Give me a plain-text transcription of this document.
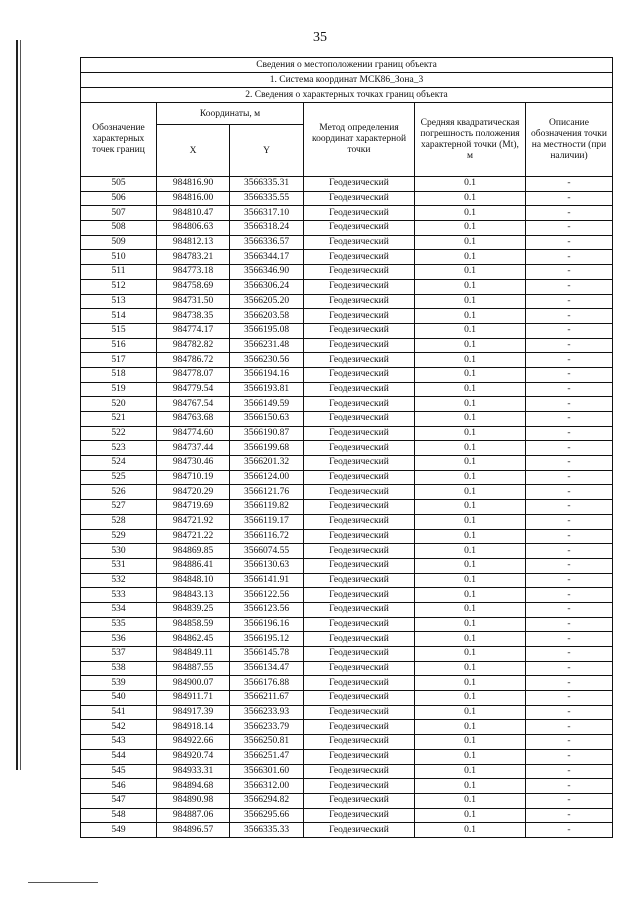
35
Сведения о местоположении границ объекта					
1. Система координат МСК86_Зона_3					
2. Сведения о характерных точках границ объекта					
Обозначение характерных точек границ	Координаты, м		Метод определения координат характерной точки	Средняя квадратическая погрешность положения характерной точки (Mt), м	Описание обозначения точки на местности (при наличии)
	X	Y			
505	984816.90	3566335.31	Геодезический	0.1	-
506	984816.00	3566335.55	Геодезический	0.1	-
507	984810.47	3566317.10	Геодезический	0.1	-
508	984806.63	3566318.24	Геодезический	0.1	-
509	984812.13	3566336.57	Геодезический	0.1	-
510	984783.21	3566344.17	Геодезический	0.1	-
511	984773.18	3566346.90	Геодезический	0.1	-
512	984758.69	3566306.24	Геодезический	0.1	-
513	984731.50	3566205.20	Геодезический	0.1	-
514	984738.35	3566203.58	Геодезический	0.1	-
515	984774.17	3566195.08	Геодезический	0.1	-
516	984782.82	3566231.48	Геодезический	0.1	-
517	984786.72	3566230.56	Геодезический	0.1	-
518	984778.07	3566194.16	Геодезический	0.1	-
519	984779.54	3566193.81	Геодезический	0.1	-
520	984767.54	3566149.59	Геодезический	0.1	-
521	984763.68	3566150.63	Геодезический	0.1	-
522	984774.60	3566190.87	Геодезический	0.1	-
523	984737.44	3566199.68	Геодезический	0.1	-
524	984730.46	3566201.32	Геодезический	0.1	-
525	984710.19	3566124.00	Геодезический	0.1	-
526	984720.29	3566121.76	Геодезический	0.1	-
527	984719.69	3566119.82	Геодезический	0.1	-
528	984721.92	3566119.17	Геодезический	0.1	-
529	984721.22	3566116.72	Геодезический	0.1	-
530	984869.85	3566074.55	Геодезический	0.1	-
531	984886.41	3566130.63	Геодезический	0.1	-
532	984848.10	3566141.91	Геодезический	0.1	-
533	984843.13	3566122.56	Геодезический	0.1	-
534	984839.25	3566123.56	Геодезический	0.1	-
535	984858.59	3566196.16	Геодезический	0.1	-
536	984862.45	3566195.12	Геодезический	0.1	-
537	984849.11	3566145.78	Геодезический	0.1	-
538	984887.55	3566134.47	Геодезический	0.1	-
539	984900.07	3566176.88	Геодезический	0.1	-
540	984911.71	3566211.67	Геодезический	0.1	-
541	984917.39	3566233.93	Геодезический	0.1	-
542	984918.14	3566233.79	Геодезический	0.1	-
543	984922.66	3566250.81	Геодезический	0.1	-
544	984920.74	3566251.47	Геодезический	0.1	-
545	984933.31	3566301.60	Геодезический	0.1	-
546	984894.68	3566312.00	Геодезический	0.1	-
547	984890.98	3566294.82	Геодезический	0.1	-
548	984887.06	3566295.66	Геодезический	0.1	-
549	984896.57	3566335.33	Геодезический	0.1	-
